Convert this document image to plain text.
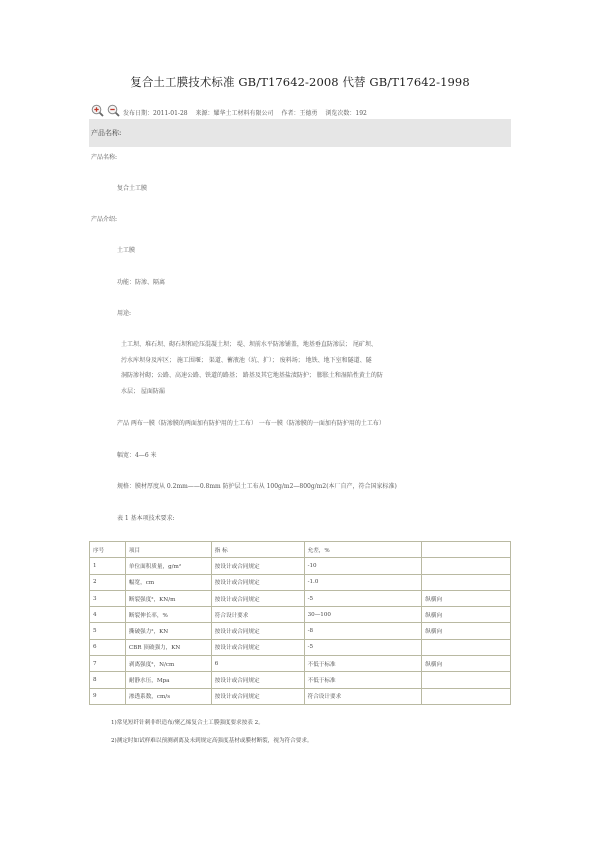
复合土工膜技术标准 GB/T17642-2008 代替 GB/T17642-1998
发布日期：2011-01-28 来源：耀华土工材料有限公司 作者：王德勇 浏览次数：192
产品名称:
产品名称:
复合土工膜
产品介绍:
土工膜
功能：防渗、隔离
用途:
土工坝、堆石坝、砌石坝和砼压混凝土坝； 堤、坝前水平防渗铺盖，地基垂直防渗层； 尾矿坝、
污水库坝身及库区； 施工围堰； 渠道、蓄液池（坑、扩）； 废料场； 地铁、地下室和隧道、隧
洞防渗衬砌；公路、高速公路、铁道的路基； 路基及其它地基盐渍防护； 膨胀土和湿陷性黄土的防
水层； 屋面防漏
产品 两布一膜（防渗膜的两面加有防护用的土工布） 一布一膜（防渗膜的一面加有防护用的土工布）
幅宽：4—6 米
规格：膜材厚度从 0.2mm——0.8mm 防护层土工布从 100g/m2—800g/m2(本厂自产，符合国家标准)
表 1 基本项技术要求:
序号	项目	指 标	允差，%	
1	单位面积质量，g/m²	按设计或合同规定	-10	
2	幅宽，cm	按设计或合同规定	-1.0	
3	断裂强度²，KN/m	按设计或合同规定	-5	纵横向
4	断裂伸长率，%	符合设计要求	30—100	纵横向
5	撕破强力²，KN	按设计或合同规定	-8	纵横向
6	CBR 顶破强力，KN	按设计或合同规定	-5	
7	剥离强度²，N/cm	6	不低于标准	纵横向
8	耐静水压，Mpa	按设计或合同规定	不低于标准	
9	渗透系数，cm/s	按设计或合同规定	符合设计要求	
1)常见短纤针刺非织造布/聚乙烯复合土工膜强度要求按表 2。
2)测定时如试样难以预测剥离及未到规定高强度基材或膜材断裂，视为符合要求。
